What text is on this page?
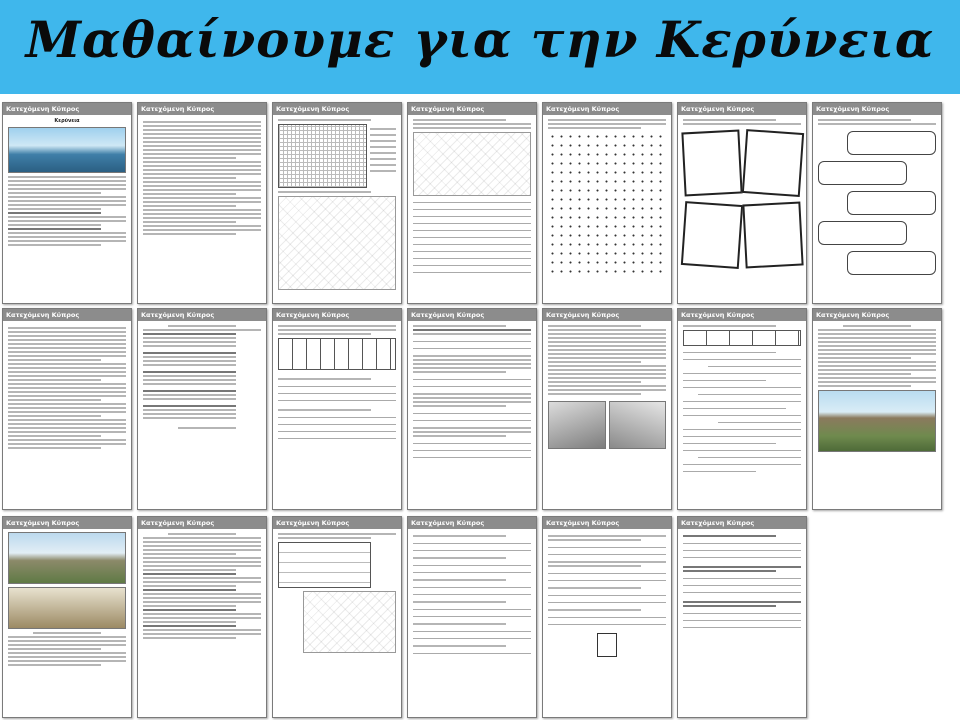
Μαθαίνουμε για την Κερύνεια
Κατεχόμενη Κύπρος
Κερύνεια
Κατεχόμενη Κύπρος	Κατεχόμενη Κύπρος	Κατεχόμενη Κύπρος	Κατεχόμενη Κύπρος	Κατεχόμενη Κύπρος	Κατεχόμενη Κύπρος
Κατεχόμενη Κύπρος	Κατεχόμενη Κύπρος	Κατεχόμενη Κύπρος	Κατεχόμενη Κύπρος	Κατεχόμενη Κύπρος	Κατεχόμενη Κύπρος	Κατεχόμενη Κύπρος
Κατεχόμενη Κύπρος	Κατεχόμενη Κύπρος	Κατεχόμενη Κύπρος	Κατεχόμενη Κύπρος	Κατεχόμενη Κύπρος	Κατεχόμενη Κύπρος
